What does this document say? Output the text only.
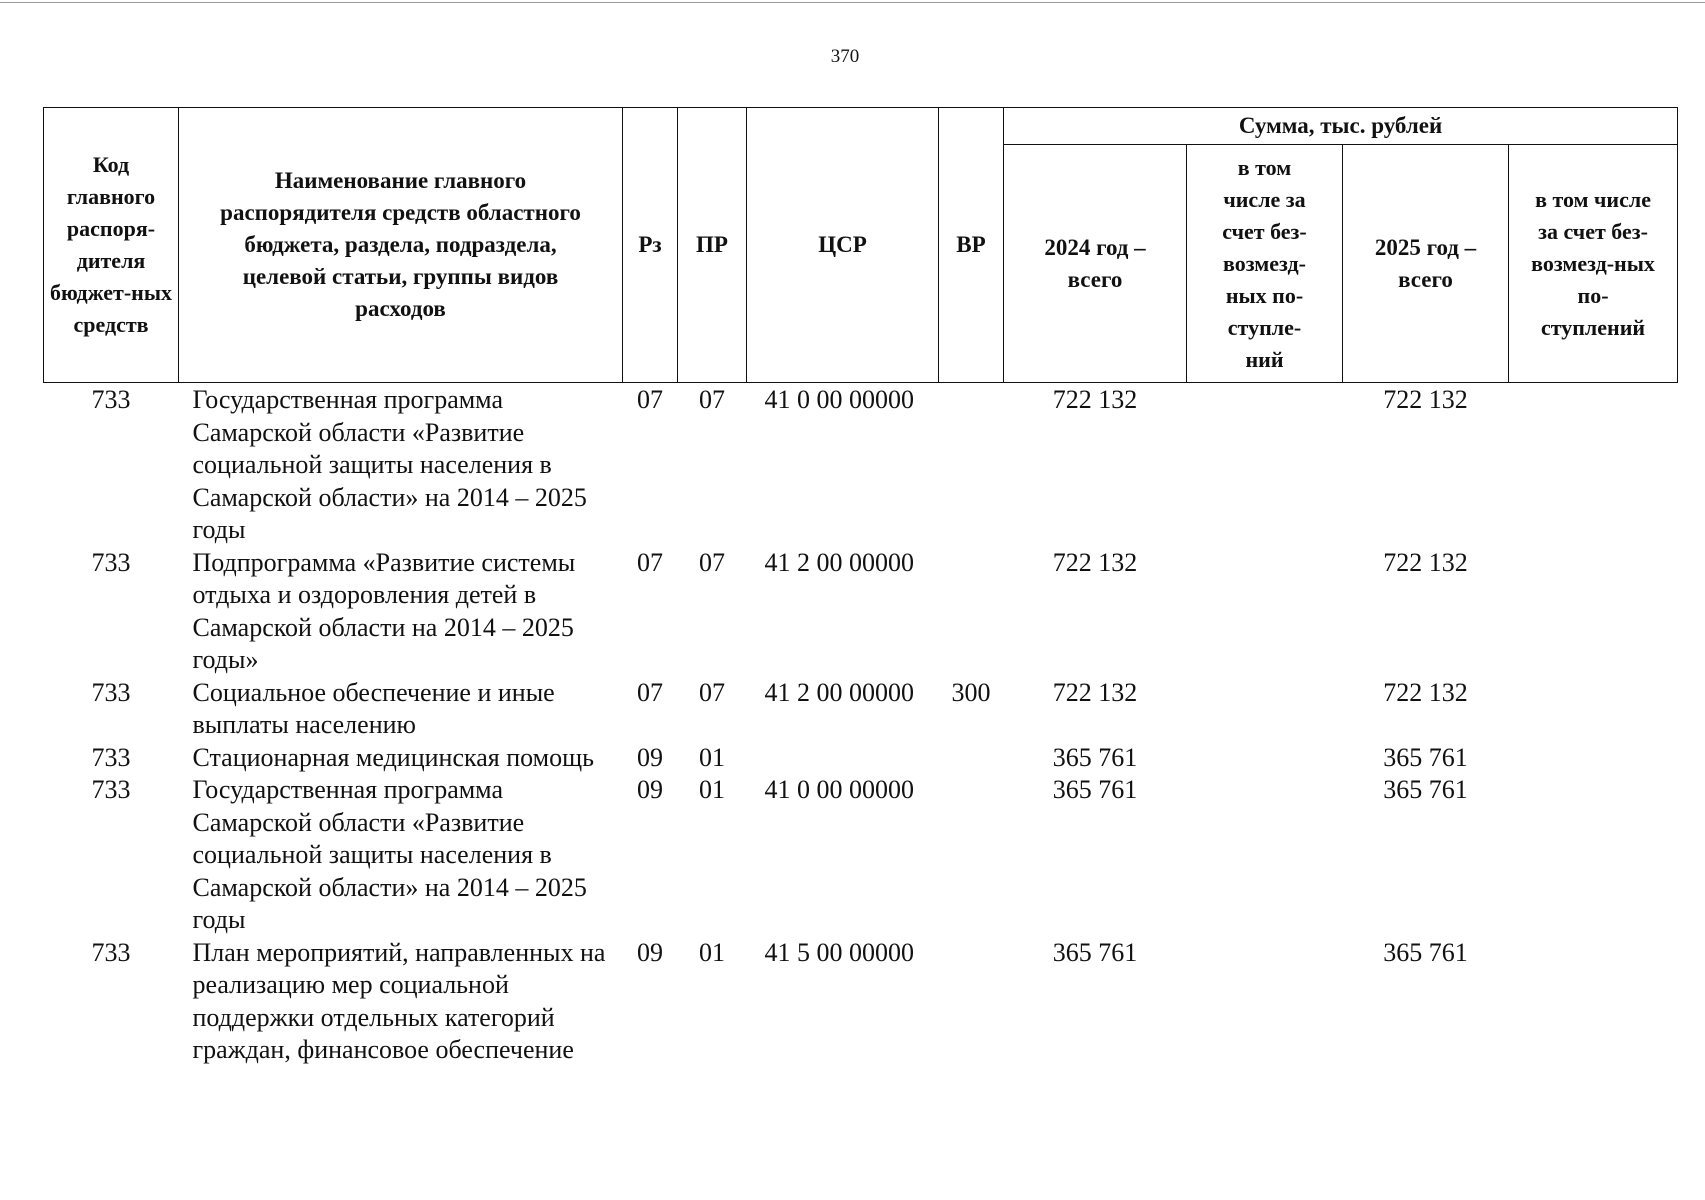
370
Код главного распоря-дителя бюджет-ных средств	Наименование главного распорядителя средств областного бюджета, раздела, подраздела, целевой статьи, группы видов расходов	Рз	ПР	ЦСР	ВР	Сумма, тыс. рублей			
						2024 год – всего	в том числе за счет без-возмезд-ных по-ступле-ний	2025 год – всего	в том числе за счет без-возмезд-ных по-ступлений
733	Государственная программа Самарской области «Развитие социальной защиты населения в Самарской области» на 2014 – 2025 годы	07	07	41 0 00 00000		722 132		722 132	
733	Подпрограмма «Развитие системы отдыха и оздоровления детей в Самарской области на 2014 – 2025 годы»	07	07	41 2 00 00000		722 132		722 132	
733	Социальное обеспечение и иные выплаты населению	07	07	41 2 00 00000	300	722 132		722 132	
733	Стационарная медицинская помощь	09	01			365 761		365 761	
733	Государственная программа Самарской области «Развитие социальной защиты населения в Самарской области» на 2014 – 2025 годы	09	01	41 0 00 00000		365 761		365 761	
733	План мероприятий, направленных на реализацию мер социальной поддержки отдельных категорий граждан, финансовое обеспечение	09	01	41 5 00 00000		365 761		365 761	
